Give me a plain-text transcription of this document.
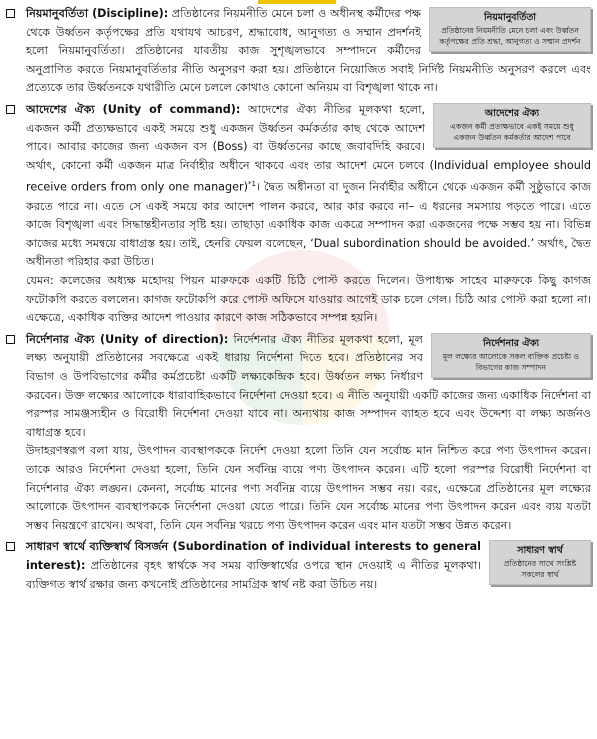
নিয়মানুবর্তিতা
প্রতিষ্ঠানের নিয়মনীতি মেনে চলা এবং উর্ধ্বতন কর্তৃপক্ষের প্রতি শ্রদ্ধা, আনুগত্য ও সম্মান প্রদর্শন

নিয়মানুবর্তিতা (Discipline): প্রতিষ্ঠানের নিয়মনীতি মেনে চলা ও অধীনস্থ কর্মীদের পক্ষ থেকে উর্ধ্বতন কর্তৃপক্ষের প্রতি যথাযথ আচরণ, শ্রদ্ধাবোধ, আনুগত্য ও সম্মান প্রদর্শনই হলো নিয়মানুবর্তিতা। প্রতিষ্ঠানের যাবতীয় কাজ সুশৃঙ্খলভাবে সম্পাদনে কর্মীদের অনুপ্রাণিত করতে নিয়মানুবর্তিতার নীতি অনুসরণ করা হয়। প্রতিষ্ঠানে নিয়োজিত সবাই নির্দিষ্ট নিয়মনীতি অনুসরণ করলে এবং প্রত্যেকে তার উর্ধ্বতনকে যথারীতি মেনে চললে কোথাও কোনো অনিয়ম বা বিশৃঙ্খলা থাকে না।

আদেশের ঐক্য
একজন কর্মী প্রত্যক্ষভাবে একই সময়ে শুধু একজন উর্ধ্বতন কর্মকর্তার আদেশ পাবে

আদেশের ঐক্য (Unity of command): আদেশের ঐক্য নীতির মূলকথা হলো, একজন কর্মী প্রত্যক্ষভাবে একই সময়ে শুধু একজন উর্ধ্বতন কর্মকর্তার কাছ থেকে আদেশ পাবে। আবার কাজের জন্য একজন বস (Boss) বা উর্ধ্বতনের কাছে জবাবদিহি করবে। অর্থাৎ, কোনো কর্মী একজন মাত্র নির্বাহীর অধীনে থাকবে এবং তার আদেশ মেনে চলবে (Individual employee should receive orders from only one manager)$^{*1}$। দ্বৈত অধীনতা বা দুজন নির্বাহীর অধীনে থেকে একজন কর্মী সুষ্ঠুভাবে কাজ করতে পারে না। এতে সে একই সময়ে কার আদেশ পালন করবে, আর কার করবে না– এ ধরনের সমস্যায় পড়তে পারে। এতে কাজে বিশৃঙ্খলা এবং সিদ্ধান্তহীনতার সৃষ্টি হয়। তাছাড়া একাধিক কাজ একত্রে সম্পাদন করা একজনের পক্ষে সম্ভব হয় না। বিভিন্ন কাজের মধ্যে সমন্বয়ে বাধাগ্রস্ত হয়। তাই, হেনরি ফেয়ল বলেছেন, ‘Dual subordination should be avoided.’ অর্থাৎ, দ্বৈত অধীনতা পরিহার করা উচিত।

যেমন: কলেজের অধ্যক্ষ মহোদয় পিয়ন মারুফকে একটি চিঠি পোস্ট করতে দিলেন। উপাধ্যক্ষ সাহেব মারুফকে কিছু কাগজ ফটোকপি করতে বললেন। কাগজ ফটোকপি করে পোস্ট অফিসে যাওয়ার আগেই ডাক চলে গেল। চিঠি আর পোস্ট করা হলো না। এক্ষেত্রে, একাধিক ব্যক্তির আদেশ পাওয়ার কারণে কাজ সঠিকভাবে সম্পন্ন হয়নি।

নির্দেশনার ঐক্য
মূল লক্ষ্যের আলোকে সকল ব্যক্তিক প্রচেষ্টা ও বিভাগের কাজ সম্পাদন

নির্দেশনার ঐক্য (Unity of direction): নির্দেশনার ঐক্য নীতির মূলকথা হলো, মূল লক্ষ্য অনুযায়ী প্রতিষ্ঠানের সবক্ষেত্রে একই ধারায় নির্দেশনা দিতে হবে। প্রতিষ্ঠানের সব বিভাগ ও উপবিভাগের কর্মীর কর্মপ্রচেষ্টা একটি লক্ষ্যকেন্দ্রিক হবে। উর্ধ্বতন লক্ষ্য নির্ধারণ করবেন। উক্ত লক্ষ্যের আলোকে ধারাবাহিকভাবে নির্দেশনা দেওয়া হবে। এ নীতি অনুযায়ী একটি কাজের জন্য একাধিক নির্দেশনা বা পরস্পর সামঞ্জস্যহীন ও বিরোধী নির্দেশনা দেওয়া যাবে না। অন্যথায় কাজ সম্পাদন ব্যাহত হবে এবং উদ্দেশ্য বা লক্ষ্য অর্জনও বাধাগ্রস্ত হবে।

উদাহরণস্বরূপ বলা যায়, উৎপাদন ব্যবস্থাপককে নির্দেশ দেওয়া হলো তিনি যেন সর্বোচ্চ মান নিশ্চিত করে পণ্য উৎপাদন করেন। তাকে আরও নির্দেশনা দেওয়া হলো, তিনি যেন সর্বনিম্ন ব্যয়ে পণ্য উৎপাদন করেন। এটি হলো পরস্পর বিরোধী নির্দেশনা বা নির্দেশনার ঐক্য লঙ্ঘন। কেননা, সর্বোচ্চ মানের পণ্য সর্বনিম্ন ব্যয়ে উৎপাদন সম্ভব নয়। বরং, এক্ষেত্রে প্রতিষ্ঠানের মূল লক্ষ্যের আলোকে উৎপাদন ব্যবস্থাপককে নির্দেশনা দেওয়া যেতে পারে। তিনি যেন সর্বোচ্চ মানের পণ্য উৎপাদন করেন এবং ব্যয় যতটা সম্ভব নিয়ন্ত্রণে রাখেন। অথবা, তিনি যেন সর্বনিম্ন খরচে পণ্য উৎপাদন করেন এবং মান যতটা সম্ভব উন্নত করেন।

সাধারণ স্বার্থ
প্রতিষ্ঠানের সাথে সংশ্লিষ্ট সকলের স্বার্থ

সাধারণ স্বার্থে ব্যক্তিস্বার্থ বিসর্জন (Subordination of individual interests to general interest): প্রতিষ্ঠানের বৃহৎ স্বার্থকে সব সময় ব্যক্তিস্বার্থের ওপরে স্থান দেওয়াই এ নীতির মূলকথা। ব্যক্তিগত স্বার্থ রক্ষার জন্য কখনোই প্রতিষ্ঠানের সামগ্রিক স্বার্থ নষ্ট করা উচিত নয়।
